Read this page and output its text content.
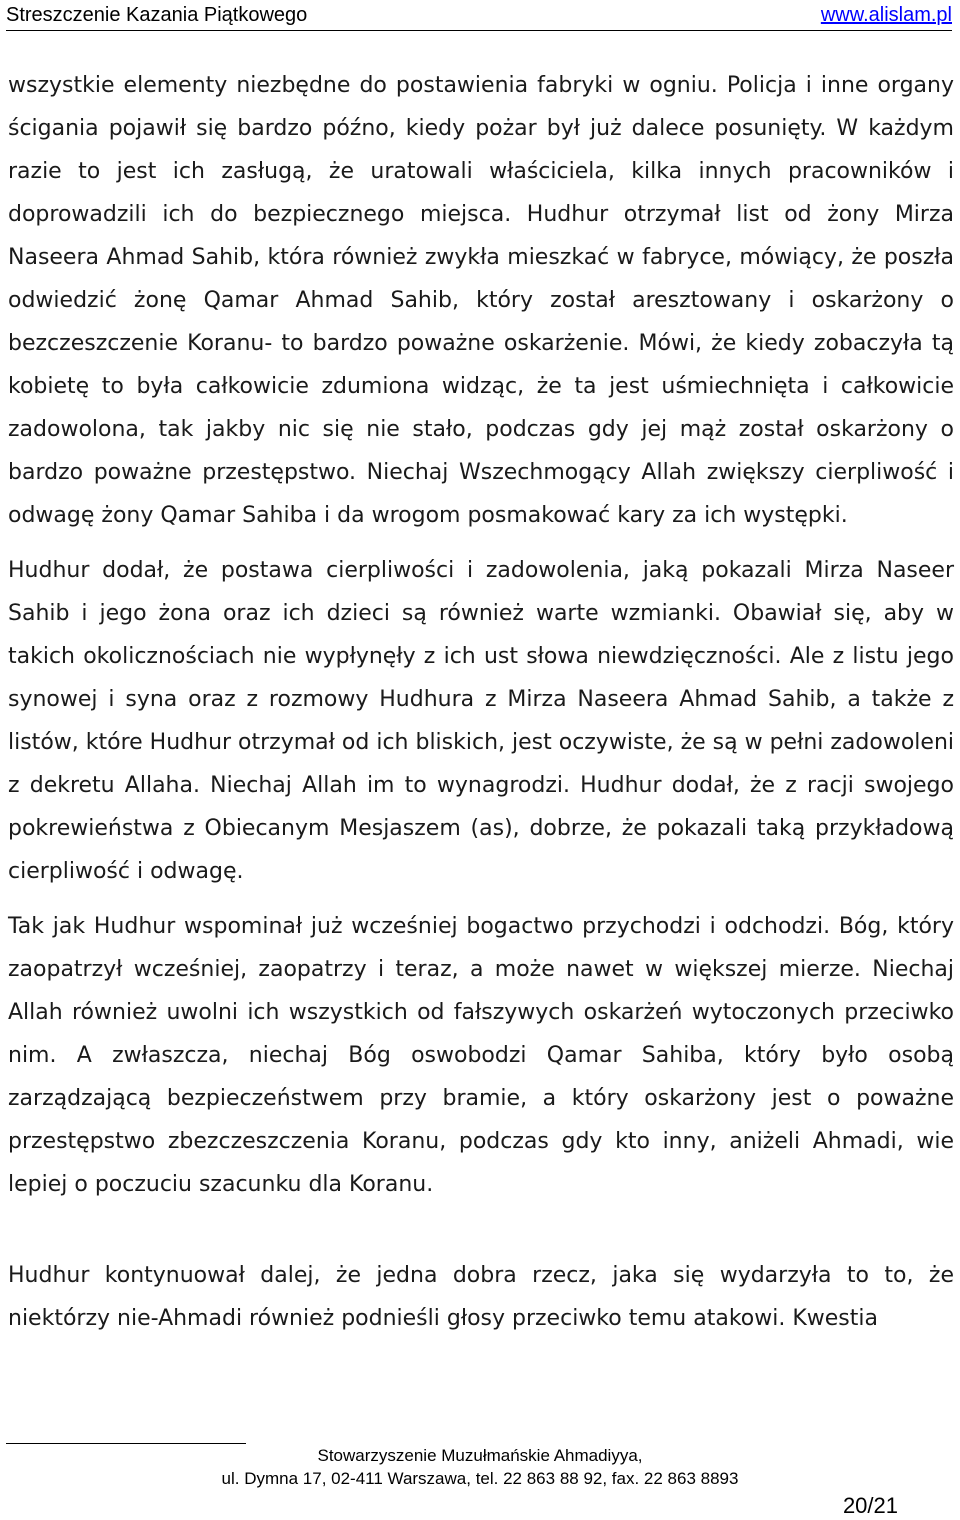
Streszczenie Kazania Piątkowego	www.alislam.pl

wszystkie elementy niezbędne do postawienia fabryki w ogniu. Policja i inne organy ścigania pojawił się bardzo późno, kiedy pożar był już dalece posunięty. W każdym razie to jest ich zasługą, że uratowali właściciela, kilka innych pracowników i doprowadzili ich do bezpiecznego miejsca. Hudhur otrzymał list od żony Mirza Naseera Ahmad Sahib, która również zwykła mieszkać w fabryce, mówiący, że poszła odwiedzić żonę Qamar Ahmad Sahib, który został aresztowany i oskarżony o bezczeszczenie Koranu- to bardzo poważne oskarżenie. Mówi, że kiedy zobaczyła tą kobietę to była całkowicie zdumiona widząc, że ta jest uśmiechnięta i całkowicie zadowolona, tak jakby nic się nie stało, podczas gdy jej mąż został oskarżony o bardzo poważne przestępstwo. Niechaj Wszechmogący Allah zwiększy cierpliwość i odwagę żony Qamar Sahiba i da wrogom posmakować kary za ich występki.

Hudhur dodał, że postawa cierpliwości i zadowolenia, jaką pokazali Mirza Naseer Sahib i jego żona oraz ich dzieci są również warte wzmianki. Obawiał się, aby w takich okolicznościach nie wypłynęły z ich ust słowa niewdzięczności. Ale z listu jego synowej i syna oraz z rozmowy Hudhura z Mirza Naseera Ahmad Sahib, a także z listów, które Hudhur otrzymał od ich bliskich, jest oczywiste, że są w pełni zadowoleni z dekretu Allaha. Niechaj Allah im to wynagrodzi. Hudhur dodał, że z racji swojego pokrewieństwa z Obiecanym Mesjaszem (as), dobrze, że pokazali taką przykładową cierpliwość i odwagę.

Tak jak Hudhur wspominał już wcześniej bogactwo przychodzi i odchodzi. Bóg, który zaopatrzył wcześniej, zaopatrzy i teraz, a może nawet w większej mierze. Niechaj Allah również uwolni ich wszystkich od fałszywych oskarżeń wytoczonych przeciwko nim. A zwłaszcza, niechaj Bóg oswobodzi Qamar Sahiba, który było osobą zarządzającą bezpieczeństwem przy bramie, a który oskarżony jest o poważne przestępstwo zbezczeszczenia Koranu, podczas gdy kto inny, aniżeli Ahmadi, wie lepiej o poczuciu szacunku dla Koranu.

Hudhur kontynuował dalej, że jedna dobra rzecz, jaka się wydarzyła to to, że niektórzy nie-Ahmadi również podnieśli głosy przeciwko temu atakowi. Kwestia

Stowarzyszenie Muzułmańskie Ahmadiyya,
ul. Dymna 17, 02-411 Warszawa, tel. 22 863 88 92, fax. 22 863 8893
20/21
